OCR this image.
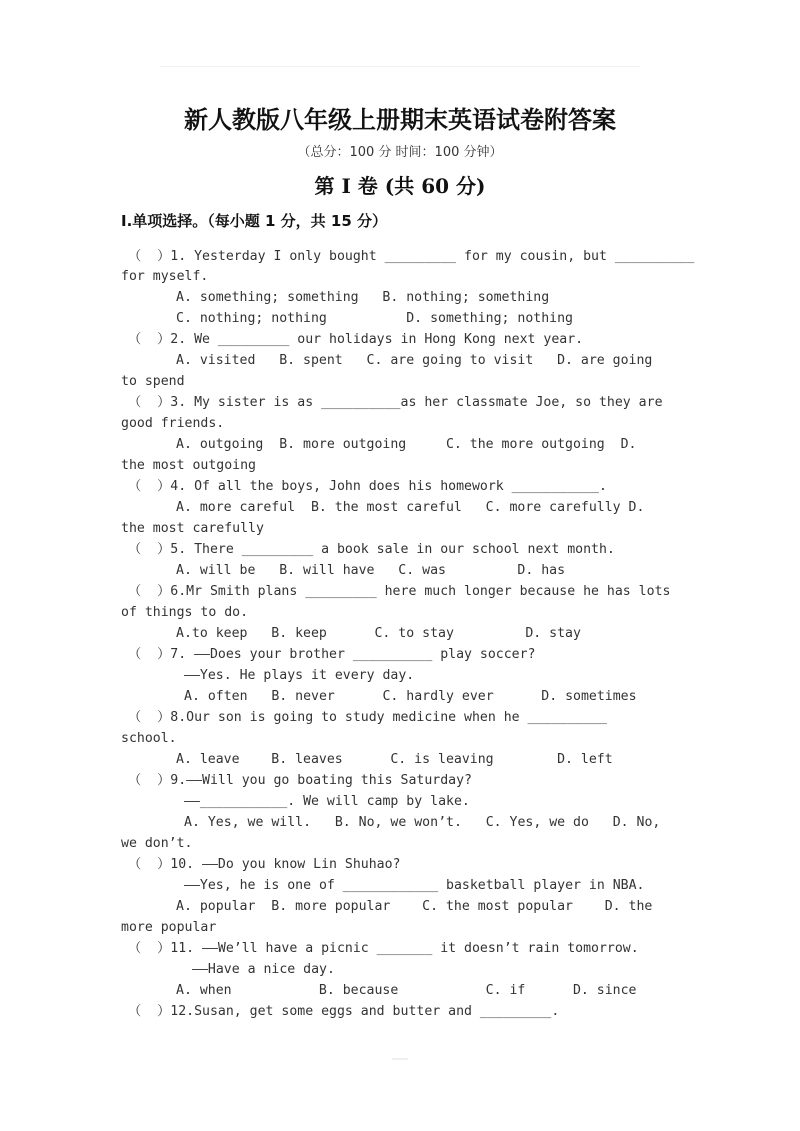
新人教版八年级上册期末英语试卷附答案
（总分：100 分 时间：100 分钟）
第 I 卷 (共 60 分)
Ⅰ.单项选择。（每小题 1 分，共 15 分）
（  ）1. Yesterday I only bought _________ for my cousin, but __________
for myself.
A. something; something   B. nothing; something
C. nothing; nothing          D. something; nothing
（  ）2. We _________ our holidays in Hong Kong next year.
A. visited   B. spent   C. are going to visit   D. are going
to spend
（  ）3. My sister is as __________as her classmate Joe, so they are
good friends.
A. outgoing  B. more outgoing     C. the more outgoing  D.
the most outgoing
（  ）4. Of all the boys, John does his homework ___________.
A. more careful  B. the most careful   C. more carefully D.
the most carefully
（  ）5. There _________ a book sale in our school next month.
A. will be   B. will have   C. was         D. has
（  ）6.Mr Smith plans _________ here much longer because he has lots
of things to do.
A.to keep   B. keep      C. to stay         D. stay
（  ）7. ——Does your brother __________ play soccer?
——Yes. He plays it every day.
A. often   B. never      C. hardly ever      D. sometimes
（  ）8.Our son is going to study medicine when he __________
school.
A. leave    B. leaves      C. is leaving        D. left
（  ）9.——Will you go boating this Saturday?
——___________. We will camp by lake.
A. Yes, we will.   B. No, we won’t.   C. Yes, we do   D. No,
we don’t.
（  ）10. ——Do you know Lin Shuhao?
——Yes, he is one of ____________ basketball player in NBA.
A. popular  B. more popular    C. the most popular    D. the
more popular
（  ）11. ——We’ll have a picnic _______ it doesn’t rain tomorrow.
——Have a nice day.
A. when           B. because           C. if      D. since
（  ）12.Susan, get some eggs and butter and _________.
